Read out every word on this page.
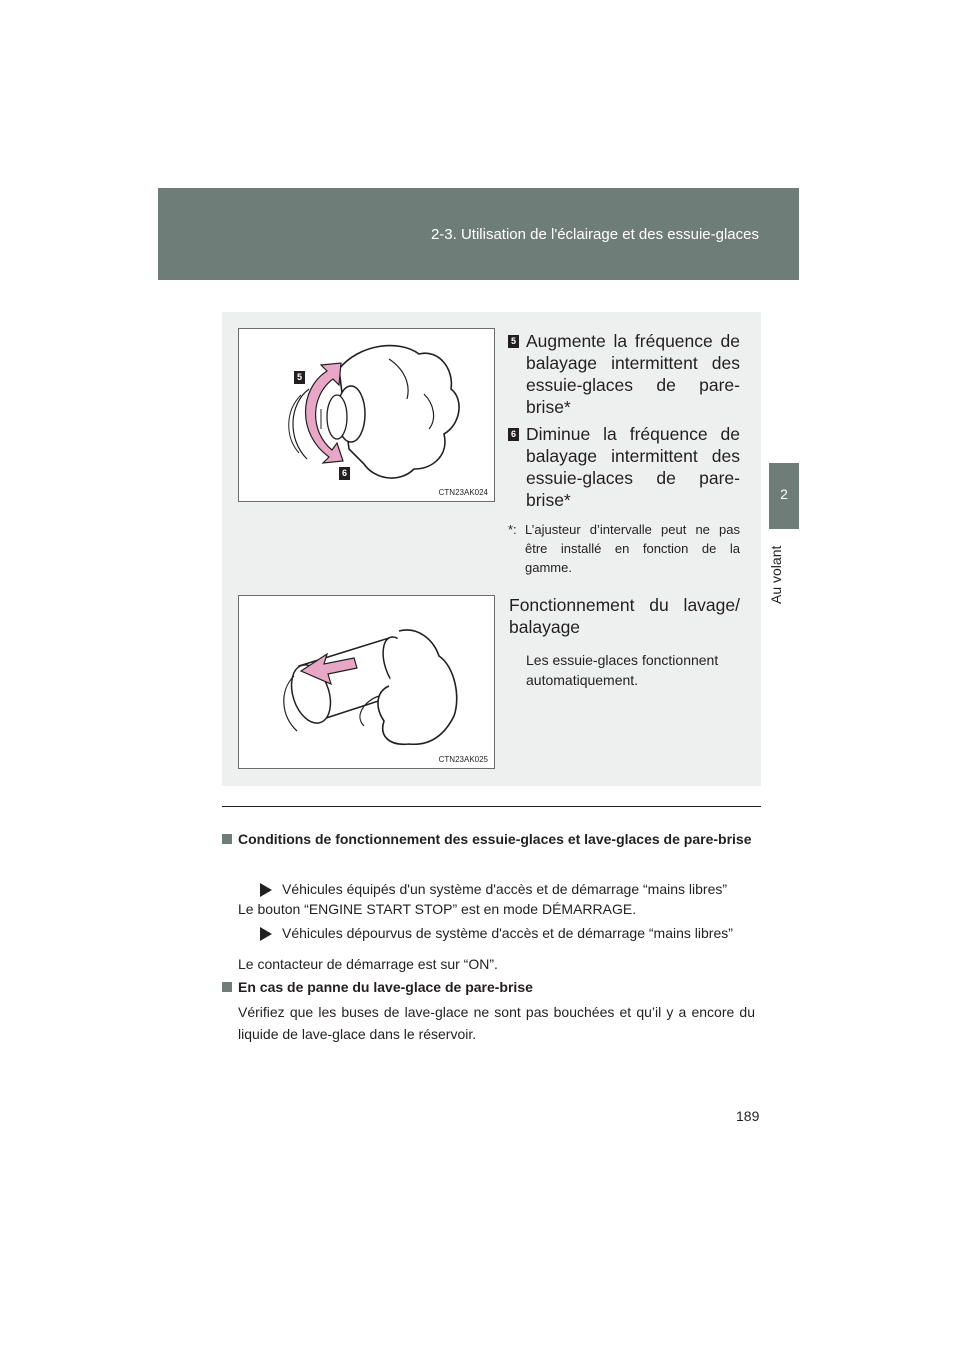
2-3. Utilisation de l'éclairage et des essuie-glaces
2
Au volant
5
6
CTN23AK024
CTN23AK025
5 Augmente la fréquence de balayage intermittent des essuie-glaces de pare-brise*
6 Diminue la fréquence de balayage intermittent des essuie-glaces de pare-brise*
*: L’ajusteur d’intervalle peut ne pas être installé en fonction de la gamme.
Fonctionnement du lavage/ balayage
Les essuie-glaces fonctionnent automatiquement.
Conditions de fonctionnement des essuie-glaces et lave-glaces de pare-brise
Véhicules équipés d'un système d'accès et de démarrage “mains libres”
Le bouton “ENGINE START STOP” est en mode DÉMARRAGE.
Véhicules dépourvus de système d'accès et de démarrage “mains libres”
Le contacteur de démarrage est sur “ON”.
En cas de panne du lave-glace de pare-brise
Vérifiez que les buses de lave-glace ne sont pas bouchées et qu’il y a encore du liquide de lave-glace dans le réservoir.
189
